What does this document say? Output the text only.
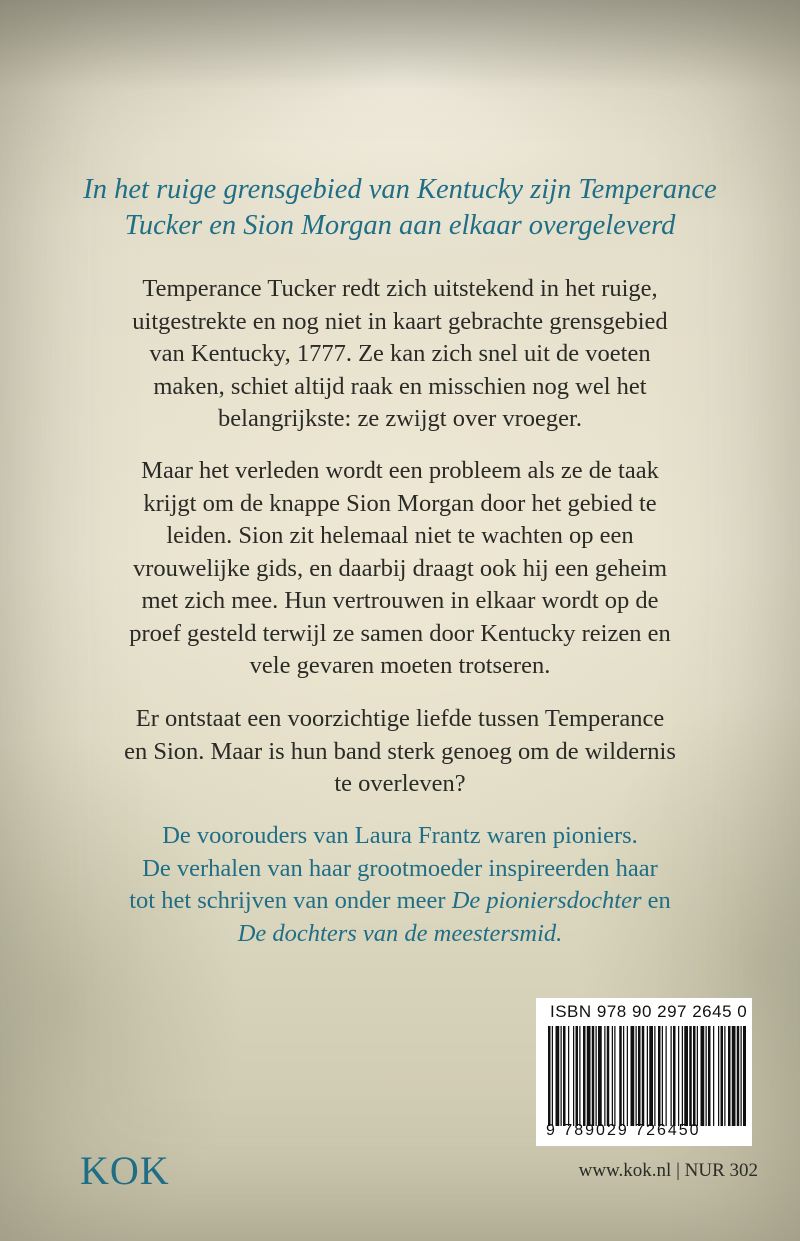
In het ruige grensgebied van Kentucky zijn Temperance
Tucker en Sion Morgan aan elkaar overgeleverd
Temperance Tucker redt zich uitstekend in het ruige,
uitgestrekte en nog niet in kaart gebrachte grensgebied
van Kentucky, 1777. Ze kan zich snel uit de voeten
maken, schiet altijd raak en misschien nog wel het
belangrijkste: ze zwijgt over vroeger.
Maar het verleden wordt een probleem als ze de taak
krijgt om de knappe Sion Morgan door het gebied te
leiden. Sion zit helemaal niet te wachten op een
vrouwelijke gids, en daarbij draagt ook hij een geheim
met zich mee. Hun vertrouwen in elkaar wordt op de
proef gesteld terwijl ze samen door Kentucky reizen en
vele gevaren moeten trotseren.
Er ontstaat een voorzichtige liefde tussen Temperance
en Sion. Maar is hun band sterk genoeg om de wildernis
te overleven?
De voorouders van Laura Frantz waren pioniers.
De verhalen van haar grootmoeder inspireerden haar
tot het schrijven van onder meer De pioniersdochter en
De dochters van de meestersmid.
ISBN 978 90 297 2645 0
9 789029 726450
KOK	www.kok.nl | NUR 302
